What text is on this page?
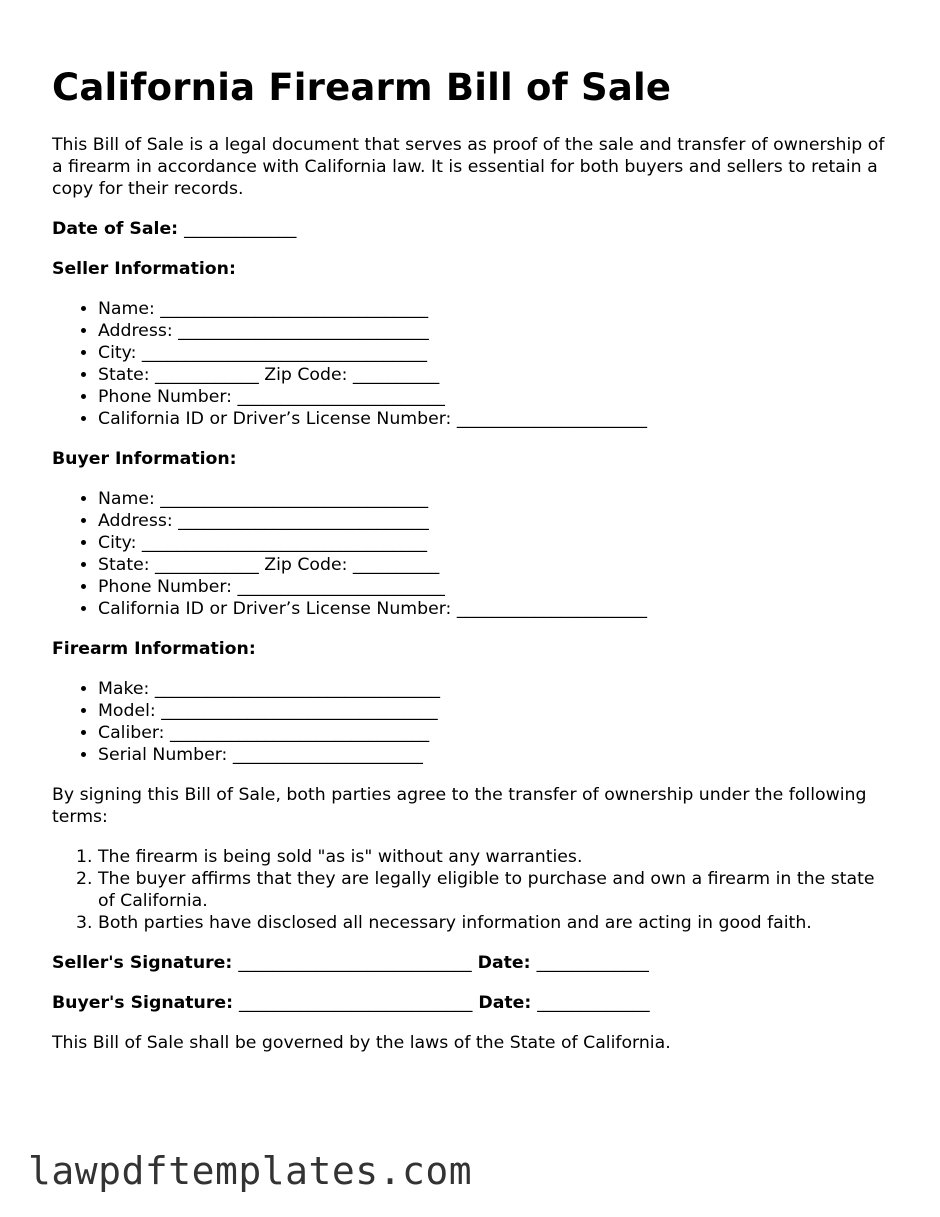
California Firearm Bill of Sale

This Bill of Sale is a legal document that serves as proof of the sale and transfer of ownership of a firearm in accordance with California law. It is essential for both buyers and sellers to retain a copy for their records.

Date of Sale: _____________

Seller Information:

• Name: _______________________________
• Address: _____________________________
• City: _________________________________
• State: ____________ Zip Code: __________
• Phone Number: ________________________
• California ID or Driver’s License Number: ______________________

Buyer Information:

• Name: _______________________________
• Address: _____________________________
• City: _________________________________
• State: ____________ Zip Code: __________
• Phone Number: ________________________
• California ID or Driver’s License Number: ______________________

Firearm Information:

• Make: _________________________________
• Model: ________________________________
• Caliber: ______________________________
• Serial Number: ______________________

By signing this Bill of Sale, both parties agree to the transfer of ownership under the following terms:

1. The firearm is being sold "as is" without any warranties.
2. The buyer affirms that they are legally eligible to purchase and own a firearm in the state of California.
3. Both parties have disclosed all necessary information and are acting in good faith.

Seller's Signature: ___________________________ Date: _____________

Buyer's Signature: ___________________________ Date: _____________

This Bill of Sale shall be governed by the laws of the State of California.

lawpdftemplates.com
